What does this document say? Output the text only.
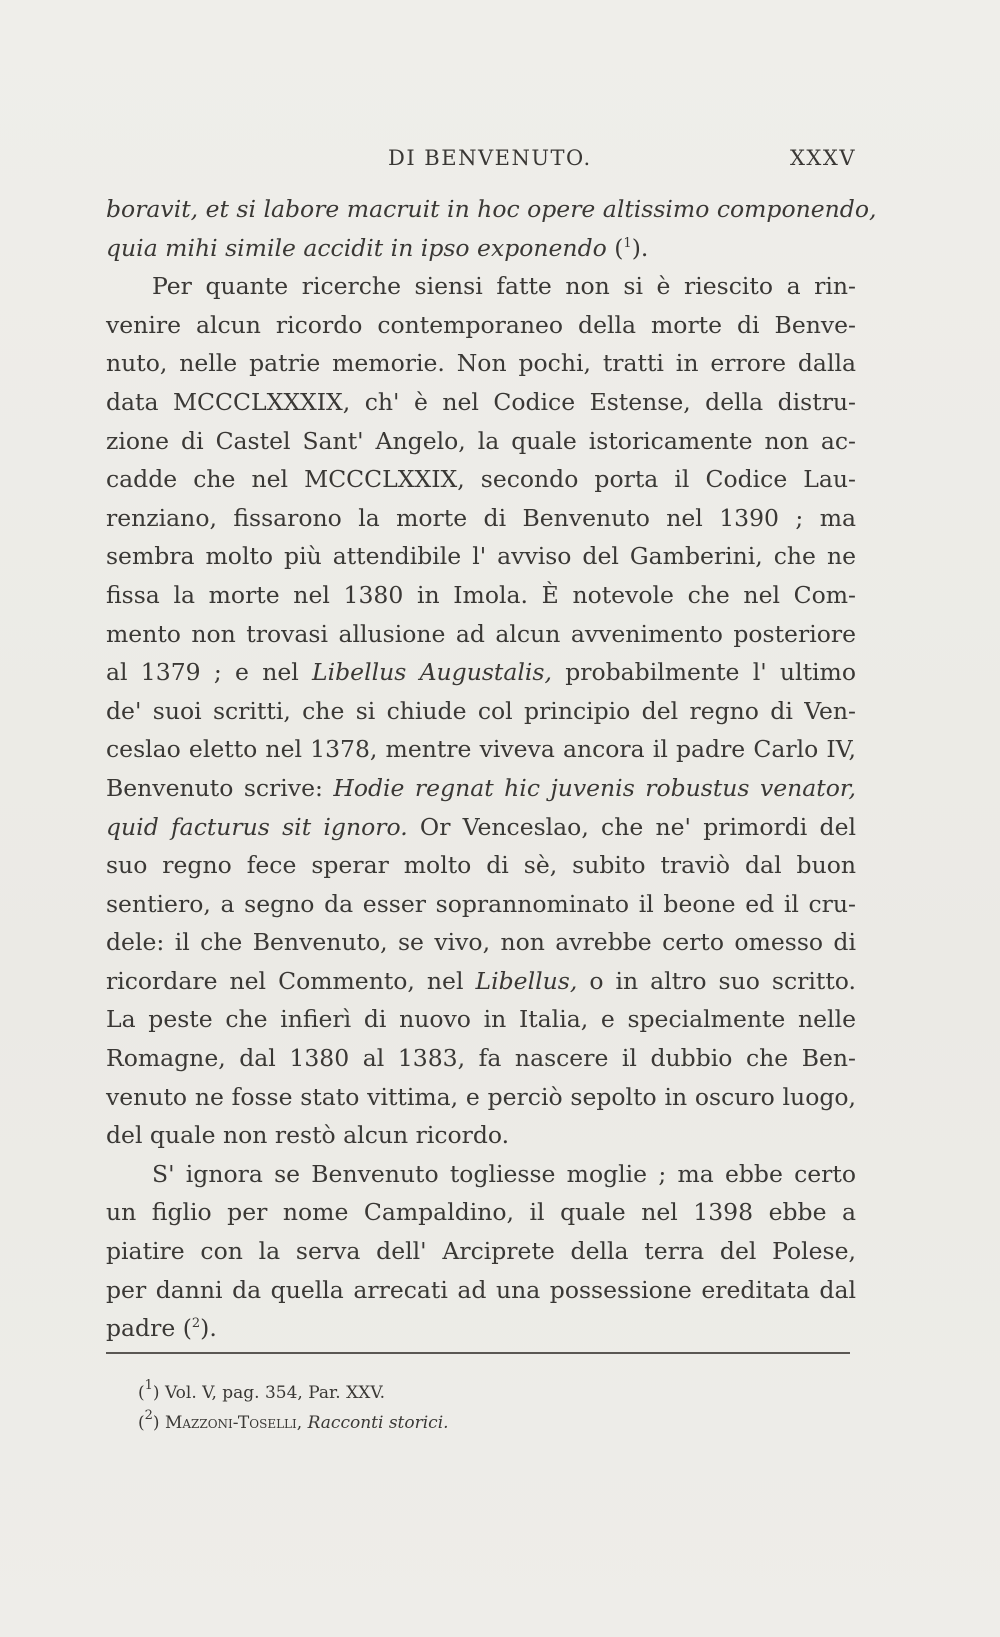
DI BENVENUTO.	XXXV
boravit, et si labore macruit in hoc opere altissimo componendo,
quia mihi simile accidit in ipso exponendo ($^1$).
Per quante ricerche siensi fatte non si è riescito a rin-
venire alcun ricordo contemporaneo della morte di Benve-
nuto, nelle patrie memorie. Non pochi, tratti in errore dalla
data MCCCLXXXIX, ch' è nel Codice Estense, della distru-
zione di Castel Sant' Angelo, la quale istoricamente non ac-
cadde che nel MCCCLXXIX, secondo porta il Codice Lau-
renziano, fissarono la morte di Benvenuto nel 1390 ; ma
sembra molto più attendibile l' avviso del Gamberini, che ne
fissa la morte nel 1380 in Imola. È notevole che nel Com-
mento non trovasi allusione ad alcun avvenimento posteriore
al 1379 ; e nel Libellus Augustalis, probabilmente l' ultimo
de' suoi scritti, che si chiude col principio del regno di Ven-
ceslao eletto nel 1378, mentre viveva ancora il padre Carlo IV,
Benvenuto scrive: Hodie regnat hic juvenis robustus venator,
quid facturus sit ignoro. Or Venceslao, che ne' primordi del
suo regno fece sperar molto di sè, subito traviò dal buon
sentiero, a segno da esser soprannominato il beone ed il cru-
dele: il che Benvenuto, se vivo, non avrebbe certo omesso di
ricordare nel Commento, nel Libellus, o in altro suo scritto.
La peste che infierì di nuovo in Italia, e specialmente nelle
Romagne, dal 1380 al 1383, fa nascere il dubbio che Ben-
venuto ne fosse stato vittima, e perciò sepolto in oscuro luogo,
del quale non restò alcun ricordo.
S' ignora se Benvenuto togliesse moglie ; ma ebbe certo
un figlio per nome Campaldino, il quale nel 1398 ebbe a
piatire con la serva dell' Arciprete della terra del Polese,
per danni da quella arrecati ad una possessione ereditata dal
padre ($^2$).
($^1$) Vol. V, pag. 354, Par. XXV.
($^2$) Mazzoni-Toselli, Racconti storici.
